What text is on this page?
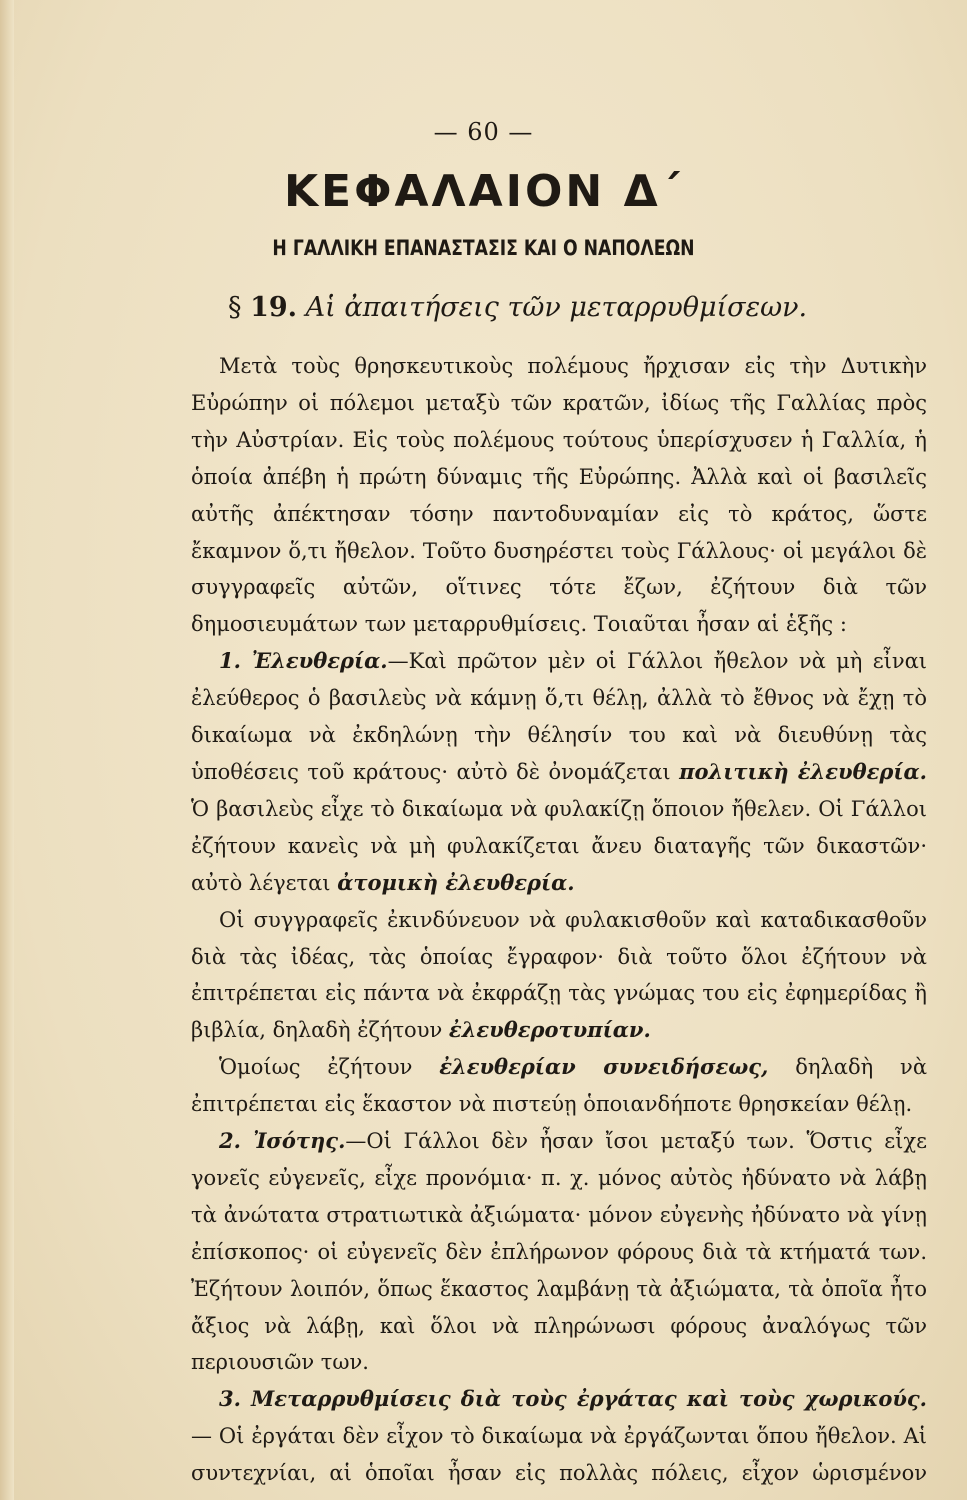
— 60 —
ΚΕΦΑΛΑΙΟΝ Δ΄
Η ΓΑΛΛΙΚΗ ΕΠΑΝΑΣΤΑΣΙΣ ΚΑΙ Ο ΝΑΠΟΛΕΩΝ
§ 19. Αἱ ἀπαιτήσεις τῶν μεταρρυθμίσεων.

Μετὰ τοὺς θρησκευτικοὺς πολέμους ἤρχισαν εἰς τὴν Δυτικὴν Εὐρώπην οἱ πόλεμοι μεταξὺ τῶν κρατῶν, ἰδίως τῆς Γαλλίας πρὸς τὴν Αὐστρίαν. Εἰς τοὺς πολέμους τούτους ὑπερίσχυσεν ἡ Γαλλία, ἡ ὁποία ἀπέβη ἡ πρώτη δύναμις τῆς Εὐρώπης. Ἀλλὰ καὶ οἱ βασιλεῖς αὐτῆς ἀπέκτησαν τόσην παντοδυναμίαν εἰς τὸ κράτος, ὥστε ἔκαμνον ὅ,τι ἤθελον. Τοῦτο δυσηρέστει τοὺς Γάλλους· οἱ μεγάλοι δὲ συγγραφεῖς αὐτῶν, οἵτινες τότε ἔζων, ἐζήτουν διὰ τῶν δημοσιευμάτων των μεταρρυθμίσεις. Τοιαῦται ἦσαν αἱ ἑξῆς :

1. Ἐλευθερία.—Καὶ πρῶτον μὲν οἱ Γάλλοι ἤθελον νὰ μὴ εἶναι ἐλεύθερος ὁ βασιλεὺς νὰ κάμνῃ ὅ,τι θέλῃ, ἀλλὰ τὸ ἔθνος νὰ ἔχῃ τὸ δικαίωμα νὰ ἐκδηλώνῃ τὴν θέλησίν του καὶ νὰ διευθύνῃ τὰς ὑποθέσεις τοῦ κράτους· αὐτὸ δὲ ὀνομάζεται πολιτικὴ ἐλευθερία. Ὁ βασιλεὺς εἶχε τὸ δικαίωμα νὰ φυλακίζῃ ὅποιον ἤθελεν. Οἱ Γάλλοι ἐζήτουν κανεὶς νὰ μὴ φυλακίζεται ἄνευ διαταγῆς τῶν δικαστῶν· αὐτὸ λέγεται ἀτομικὴ ἐλευθερία.

Οἱ συγγραφεῖς ἐκινδύνευον νὰ φυλακισθοῦν καὶ καταδικασθοῦν διὰ τὰς ἰδέας, τὰς ὁποίας ἔγραφον· διὰ τοῦτο ὅλοι ἐζήτουν νὰ ἐπιτρέπεται εἰς πάντα νὰ ἐκφράζῃ τὰς γνώμας του εἰς ἐφημερίδας ἢ βιβλία, δηλαδὴ ἐζήτουν ἐλευθεροτυπίαν.

Ὁμοίως ἐζήτουν ἐλευθερίαν συνειδήσεως, δηλαδὴ νὰ ἐπιτρέπεται εἰς ἕκαστον νὰ πιστεύῃ ὁποιανδήποτε θρησκείαν θέλῃ.

2. Ἰσότης.—Οἱ Γάλλοι δὲν ἦσαν ἴσοι μεταξύ των. Ὅστις εἶχε γονεῖς εὐγενεῖς, εἶχε προνόμια· π. χ. μόνος αὐτὸς ἠδύνατο νὰ λάβῃ τὰ ἀνώτατα στρατιωτικὰ ἀξιώματα· μόνον εὐγενὴς ἠδύνατο νὰ γίνῃ ἐπίσκοπος· οἱ εὐγενεῖς δὲν ἐπλήρωνον φόρους διὰ τὰ κτήματά των. Ἐζήτουν λοιπόν, ὅπως ἕκαστος λαμβάνῃ τὰ ἀξιώματα, τὰ ὁποῖα ἦτο ἄξιος νὰ λάβῃ, καὶ ὅλοι νὰ πληρώνωσι φόρους ἀναλόγως τῶν περιουσιῶν των.

3. Μεταρρυθμίσεις διὰ τοὺς ἐργάτας καὶ τοὺς χωρικούς. — Οἱ ἐργάται δὲν εἶχον τὸ δικαίωμα νὰ ἐργάζωνται ὅπου ἤθελον. Αἱ συντεχνίαι, αἱ ὁποῖαι ἦσαν εἰς πολλὰς πόλεις, εἶχον ὡρισμένον
